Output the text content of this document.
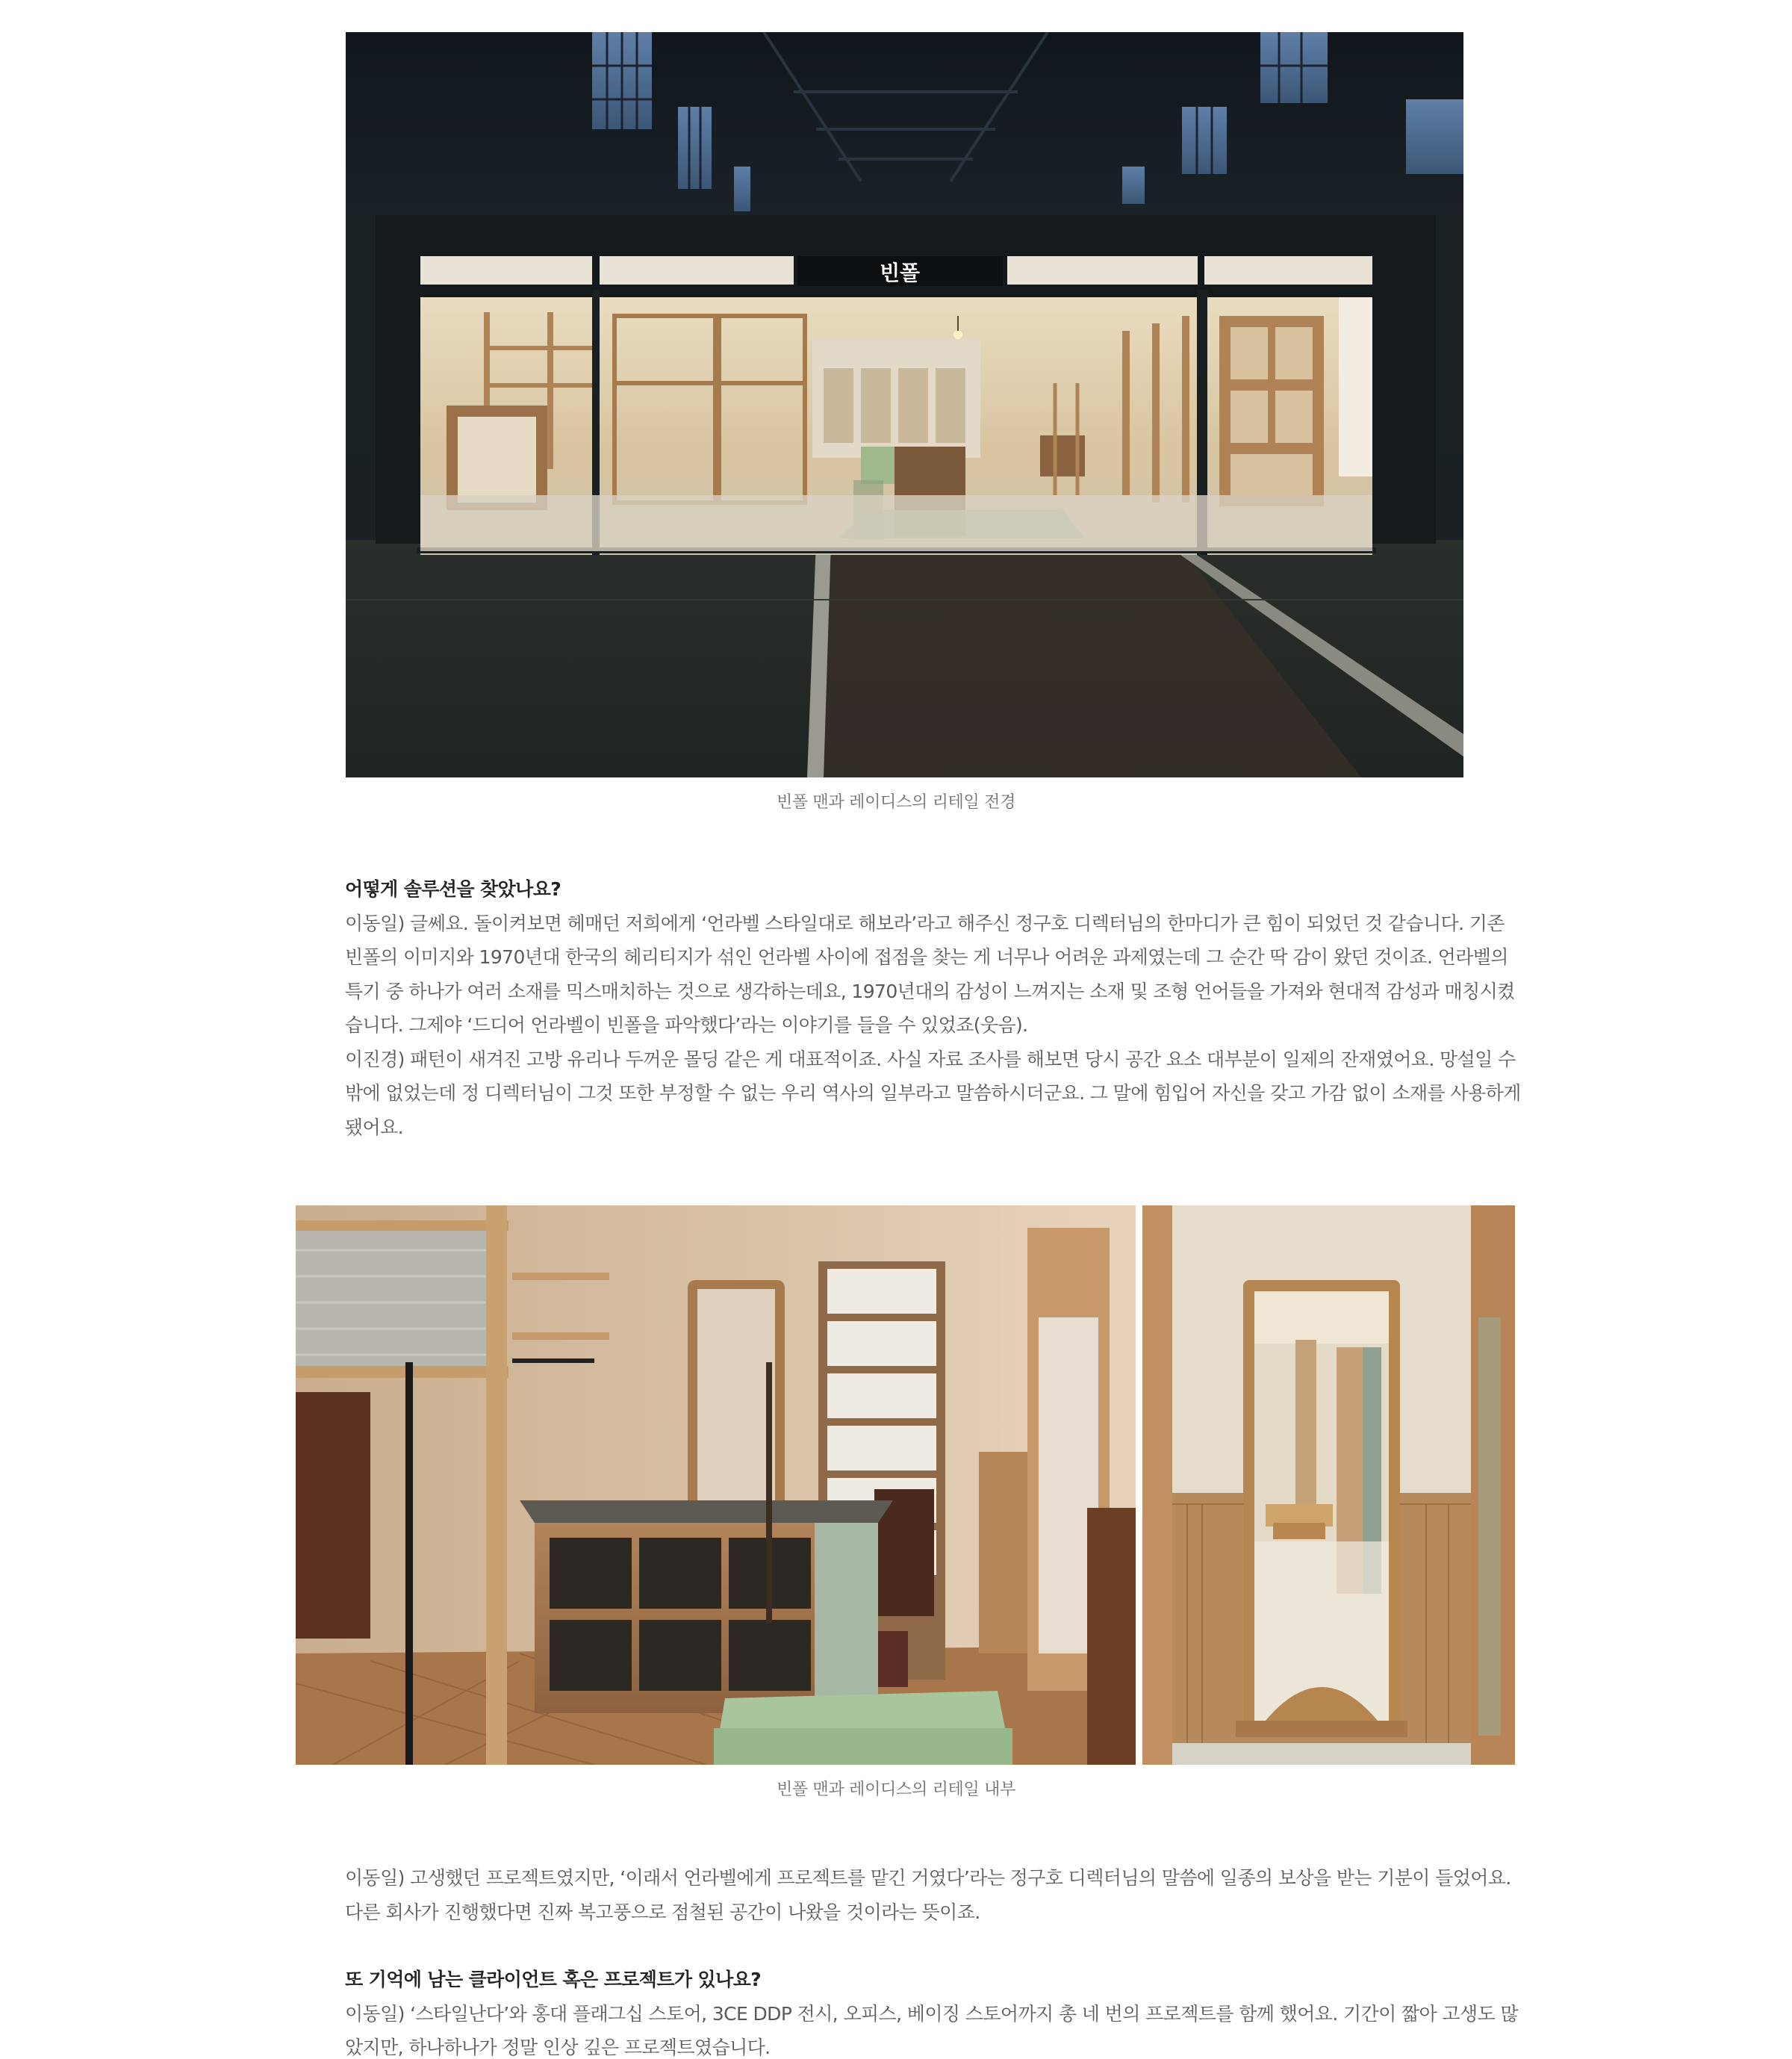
빈폴
빈폴 맨과 레이디스의 리테일 전경
어떻게 솔루션을 찾았나요?
이동일) 글쎄요. 돌이켜보면 헤매던 저희에게 ‘언라벨 스타일대로 해보라’라고 해주신 정구호 디렉터님의 한마디가 큰 힘이 되었던 것 같습니다. 기존
빈폴의 이미지와 1970년대 한국의 헤리티지가 섞인 언라벨 사이에 접점을 찾는 게 너무나 어려운 과제였는데 그 순간 딱 감이 왔던 것이죠. 언라벨의
특기 중 하나가 여러 소재를 믹스매치하는 것으로 생각하는데요, 1970년대의 감성이 느껴지는 소재 및 조형 언어들을 가져와 현대적 감성과 매칭시켰
습니다. 그제야 ‘드디어 언라벨이 빈폴을 파악했다’라는 이야기를 들을 수 있었죠(웃음).
이진경) 패턴이 새겨진 고방 유리나 두꺼운 몰딩 같은 게 대표적이죠. 사실 자료 조사를 해보면 당시 공간 요소 대부분이 일제의 잔재였어요. 망설일 수
밖에 없었는데 정 디렉터님이 그것 또한 부정할 수 없는 우리 역사의 일부라고 말씀하시더군요. 그 말에 힘입어 자신을 갖고 가감 없이 소재를 사용하게
됐어요.
빈폴 맨과 레이디스의 리테일 내부
이동일) 고생했던 프로젝트였지만, ‘이래서 언라벨에게 프로젝트를 맡긴 거였다’라는 정구호 디렉터님의 말씀에 일종의 보상을 받는 기분이 들었어요.
다른 회사가 진행했다면 진짜 복고풍으로 점철된 공간이 나왔을 것이라는 뜻이죠.
또 기억에 남는 클라이언트 혹은 프로젝트가 있나요?
이동일) ‘스타일난다’와 홍대 플래그십 스토어, 3CE DDP 전시, 오피스, 베이징 스토어까지 총 네 번의 프로젝트를 함께 했어요. 기간이 짧아 고생도 많
았지만, 하나하나가 정말 인상 깊은 프로젝트였습니다.
